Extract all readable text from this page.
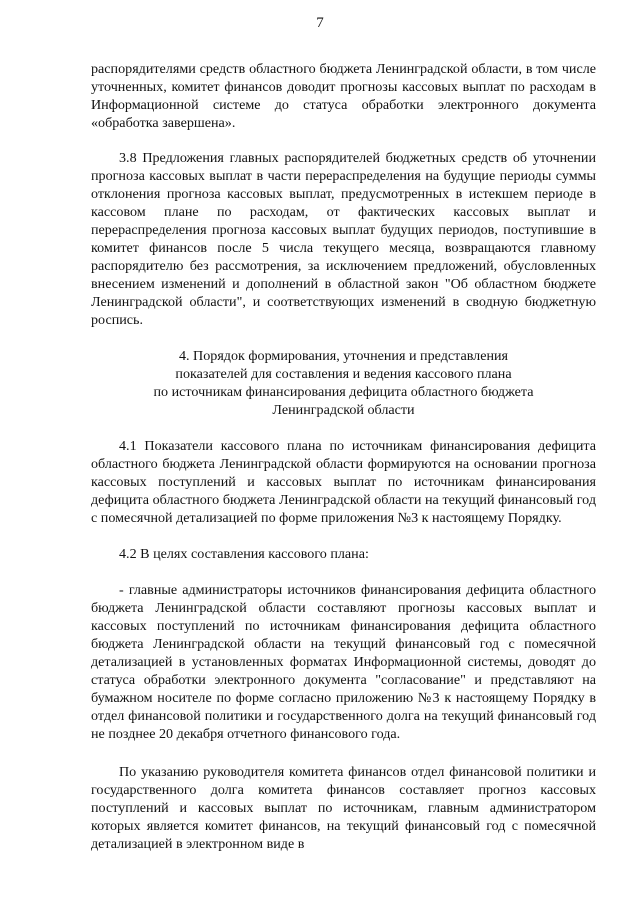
7

распорядителями средств областного бюджета Ленинградской области, в том числе уточненных, комитет финансов доводит прогнозы кассовых выплат по расходам в Информационной системе до статуса обработки электронного документа «обработка завершена».

3.8 Предложения главных распорядителей бюджетных средств об уточнении прогноза кассовых выплат в части перераспределения на будущие периоды суммы отклонения прогноза кассовых выплат, предусмотренных в истекшем периоде в кассовом плане по расходам, от фактических кассовых выплат и перераспределения прогноза кассовых выплат будущих периодов, поступившие в комитет финансов после 5 числа текущего месяца, возвращаются главному распорядителю без рассмотрения, за исключением предложений, обусловленных внесением изменений и дополнений в областной закон "Об областном бюджете Ленинградской области", и соответствующих изменений в сводную бюджетную роспись.

4. Порядок формирования, уточнения и представления
показателей для составления и ведения кассового плана
по источникам финансирования дефицита областного бюджета
Ленинградской области

4.1 Показатели кассового плана по источникам финансирования дефицита областного бюджета Ленинградской области формируются на основании прогноза кассовых поступлений и кассовых выплат по источникам финансирования дефицита областного бюджета Ленинградской области на текущий финансовый год с помесячной детализацией по форме приложения №3 к настоящему Порядку.

4.2 В целях составления кассового плана:

- главные администраторы источников финансирования дефицита областного бюджета Ленинградской области составляют прогнозы кассовых выплат и кассовых поступлений по источникам финансирования дефицита областного бюджета Ленинградской области на текущий финансовый год с помесячной детализацией в установленных форматах Информационной системы, доводят до статуса обработки электронного документа "согласование" и представляют на бумажном носителе по форме согласно приложению №3 к настоящему Порядку в отдел финансовой политики и государственного долга на текущий финансовый год не позднее 20 декабря отчетного финансового года.

По указанию руководителя комитета финансов отдел финансовой политики и государственного долга комитета финансов составляет прогноз кассовых поступлений и кассовых выплат по источникам, главным администратором которых является комитет финансов, на текущий финансовый год с помесячной детализацией в электронном виде в
